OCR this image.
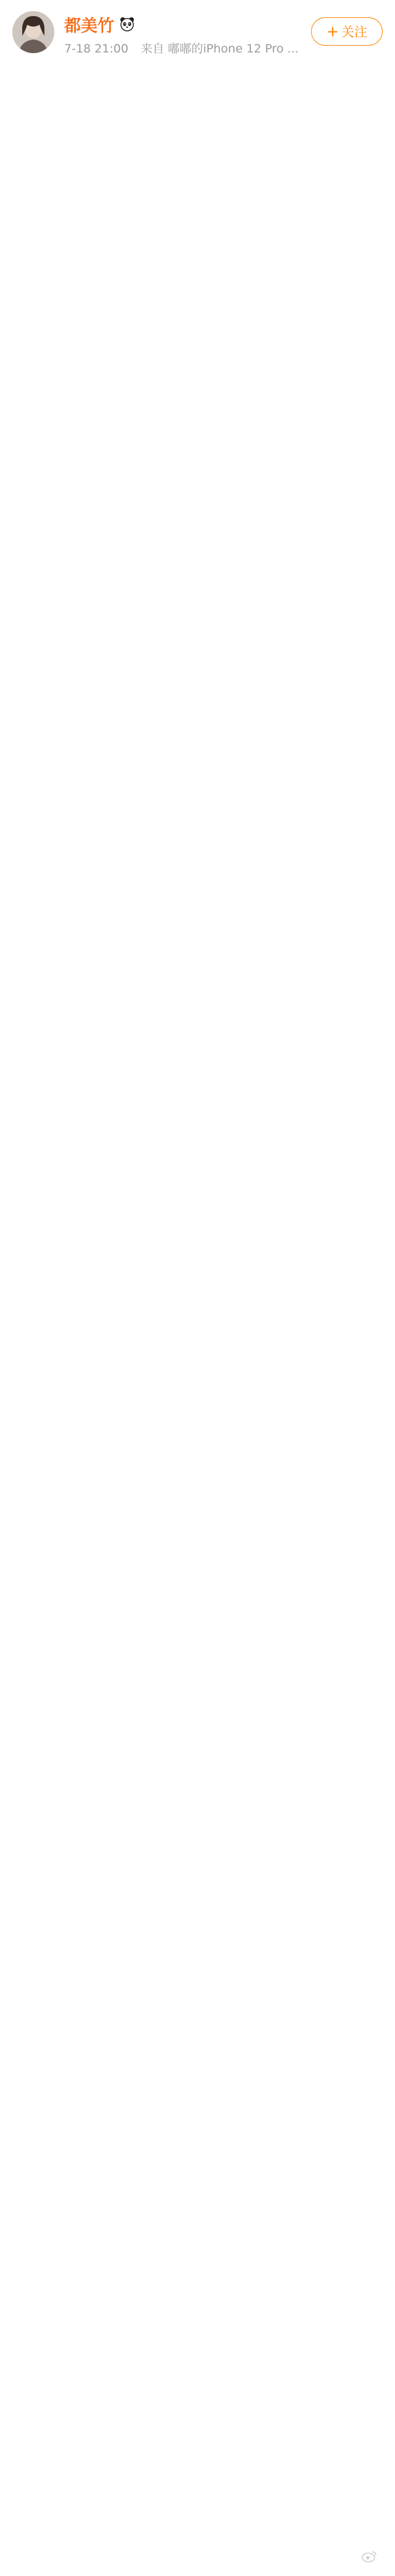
都美竹
7-18 21:00 来自 嘟嘟的iPhone 12 Pro ...
+ 关注
